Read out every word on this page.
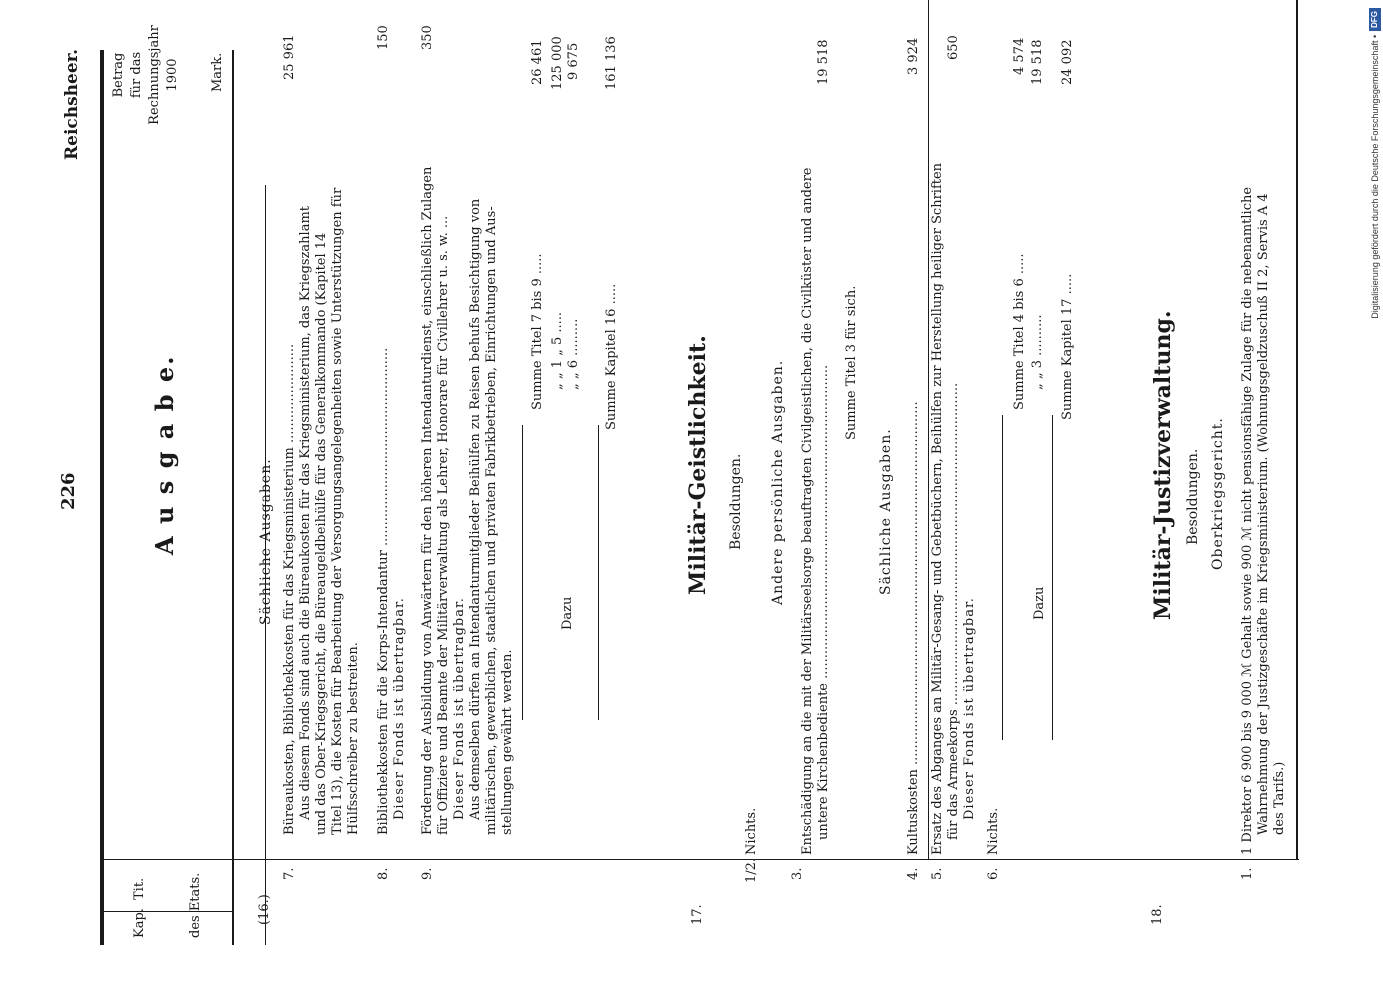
Reichsheer.
226	A u s g a b e.
Kap.
Tit.	des Etats.
Betrag für das Rechnungsjahr 1900 Mark.
(16.)
Sächliche Ausgaben.
7.
Büreaukosten, Bibliothekkosten für das Kriegsministerium ........................ Aus diesem Fonds sind auch die Büreaukosten für das Kriegsministerium, das Kriegszahlamt und das Ober-Kriegsgericht, die Büreaugeldbeihülfe für das Generalkommando (Kapitel 14 Titel 13), die Kosten für Bearbeitung der Versorgungsangelegenheiten sowie Unterstützungen für Hülfsschreiber zu bestreiten.
25 961
8.
Bibliothekkosten für die Korps-Intendantur ................................................ Dieser Fonds ist übertragbar.
150
9.
Förderung der Ausbildung von Anwärtern für den höheren Intendanturdienst, einschließlich Zulagen für Offiziere und Beamte der Militärverwaltung als Lehrer, Honorare für Civillehrer u. s. w. ... Dieser Fonds ist übertragbar. Aus demselben dürfen an Intendanturmitglieder Beihülfen zu Reisen behufs Besichtigung von militärischen, gewerblichen, staatlichen und privaten Fabrikbetrieben, Einrichtungen und Aus- stellungen gewährt werden.
350
Summe Titel 7 bis 9 .....
Dazu
„ „ 1 „ 5 ..... „ „ 6 ......... Summe Kapitel 16 .....
26 461 125 000 9 675 161 136
17.
Militär-Geistlichkeit. Besoldungen.
1/2.
Nichts.
Andere persönliche Ausgaben.
3.
Entschädigung an die mit der Militärseelsorge beauftragten Civilgeistlichen, die Civilküster und andere untere Kirchenbediente ............................................................................
19 518
Summe Titel 3 für sich.
Sächliche Ausgaben.
4.
Kultuskosten ........................................................................................
3 924
5.
Ersatz des Abganges an Militär-Gesang- und Gebetbüchern, Beihülfen zur Herstellung heiliger Schriften für das Armeekorps .............................................................................. Dieser Fonds ist übertragbar.
650
6.
Nichts.
Summe Titel 4 bis 6 .....
Dazu
„ „ 3 .......... Summe Kapitel 17 .....
4 574 19 518 24 092
18.
Militär-Justizverwaltung. Besoldungen. Oberkriegsgericht.
1.
1 Direktor 6 900 bis 9 000 ℳ Gehalt sowie 900 ℳ nicht pensionsfähige Zulage für die nebenamtliche Wahrnehmung der Justizgeschäfte im Kriegsministerium. (Wohnungsgeldzuschuß II 2, Servis A 4 des Tarifs.)
Digitalisierung gefördert durch die Deutsche Forschungsgemeinschaft •
DFG
